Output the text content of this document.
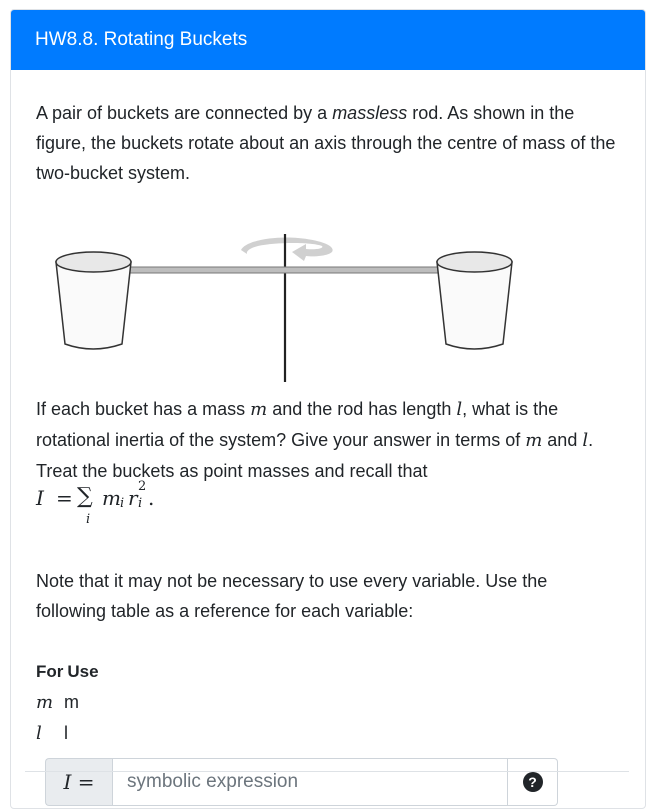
HW8.8. Rotating Buckets

A pair of buckets are connected by a massless rod. As shown in the figure, the buckets rotate about an axis through the centre of mass of the two-bucket system.

If each bucket has a mass m and the rod has length l, what is the rotational inertia of the system? Give your answer in terms of m and l. Treat the buckets as point masses and recall that

I = ∑
i
m i r 2
i .

Note that it may not be necessary to use every variable. Use the following table as a reference for each variable:

For Use
m m
l	l
I
=
symbolic expression	?
